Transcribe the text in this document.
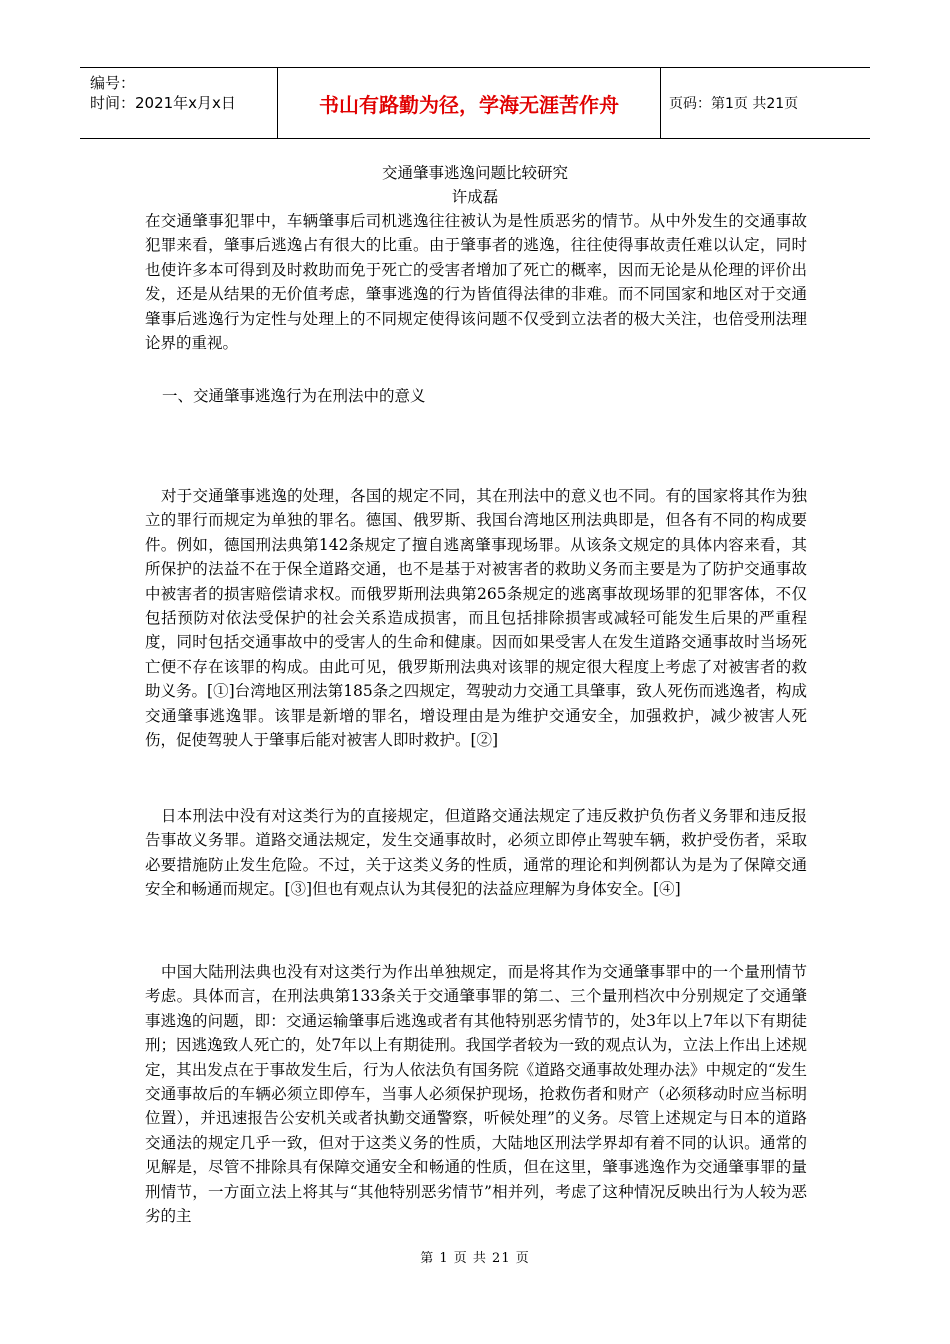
编号：
时间：2021年x月x日	书山有路勤为径，学海无涯苦作舟	页码：第1页 共21页
交通肇事逃逸问题比较研究
许成磊

在交通肇事犯罪中，车辆肇事后司机逃逸往往被认为是性质恶劣的情节。从中外发生的交通事故犯罪来看，肇事后逃逸占有很大的比重。由于肇事者的逃逸，往往使得事故责任难以认定，同时也使许多本可得到及时救助而免于死亡的受害者增加了死亡的概率，因而无论是从伦理的评价出发，还是从结果的无价值考虑，肇事逃逸的行为皆值得法律的非难。而不同国家和地区对于交通肇事后逃逸行为定性与处理上的不同规定使得该问题不仅受到立法者的极大关注，也倍受刑法理论界的重视。

一、交通肇事逃逸行为在刑法中的意义

对于交通肇事逃逸的处理，各国的规定不同，其在刑法中的意义也不同。有的国家将其作为独立的罪行而规定为单独的罪名。德国、俄罗斯、我国台湾地区刑法典即是，但各有不同的构成要件。例如，德国刑法典第142条规定了擅自逃离肇事现场罪。从该条文规定的具体内容来看，其所保护的法益不在于保全道路交通，也不是基于对被害者的救助义务而主要是为了防护交通事故中被害者的损害赔偿请求权。而俄罗斯刑法典第265条规定的逃离事故现场罪的犯罪客体，不仅包括预防对依法受保护的社会关系造成损害，而且包括排除损害或减轻可能发生后果的严重程度，同时包括交通事故中的受害人的生命和健康。因而如果受害人在发生道路交通事故时当场死亡便不存在该罪的构成。由此可见，俄罗斯刑法典对该罪的规定很大程度上考虑了对被害者的救助义务。[①]台湾地区刑法第185条之四规定，驾驶动力交通工具肇事，致人死伤而逃逸者，构成交通肇事逃逸罪。该罪是新增的罪名，增设理由是为维护交通安全，加强救护，减少被害人死伤，促使驾驶人于肇事后能对被害人即时救护。[②]

日本刑法中没有对这类行为的直接规定，但道路交通法规定了违反救护负伤者义务罪和违反报告事故义务罪。道路交通法规定，发生交通事故时，必须立即停止驾驶车辆，救护受伤者，采取必要措施防止发生危险。不过，关于这类义务的性质，通常的理论和判例都认为是为了保障交通安全和畅通而规定。[③]但也有观点认为其侵犯的法益应理解为身体安全。[④]

中国大陆刑法典也没有对这类行为作出单独规定，而是将其作为交通肇事罪中的一个量刑情节考虑。具体而言，在刑法典第133条关于交通肇事罪的第二、三个量刑档次中分别规定了交通肇事逃逸的问题，即：交通运输肇事后逃逸或者有其他特别恶劣情节的，处3年以上7年以下有期徒刑；因逃逸致人死亡的，处7年以上有期徒刑。我国学者较为一致的观点认为，立法上作出上述规定，其出发点在于事故发生后，行为人依法负有国务院《道路交通事故处理办法》中规定的“发生交通事故后的车辆必须立即停车，当事人必须保护现场，抢救伤者和财产（必须移动时应当标明位置），并迅速报告公安机关或者执勤交通警察，听候处理”的义务。尽管上述规定与日本的道路交通法的规定几乎一致，但对于这类义务的性质，大陆地区刑法学界却有着不同的认识。通常的见解是，尽管不排除具有保障交通安全和畅通的性质，但在这里，肇事逃逸作为交通肇事罪的量刑情节，一方面立法上将其与“其他特别恶劣情节”相并列，考虑了这种情况反映出行为人较为恶劣的主

第 1 页 共 21 页
